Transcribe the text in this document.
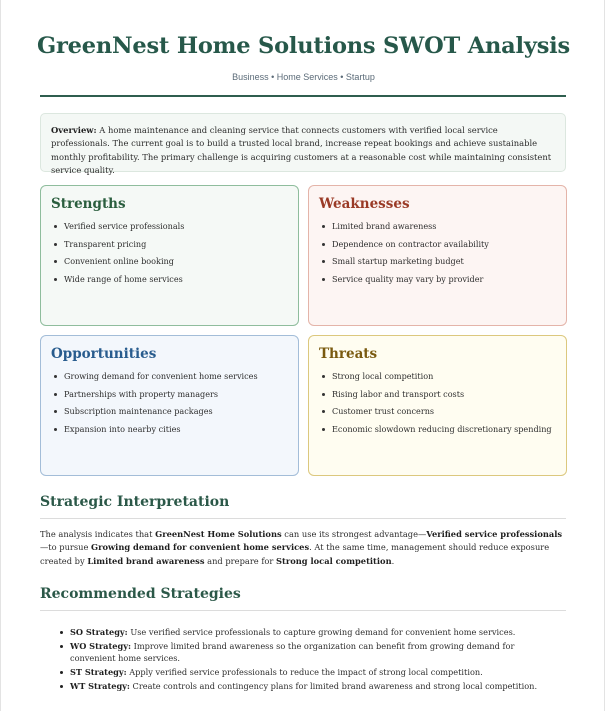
GreenNest Home Solutions SWOT Analysis
Business • Home Services • Startup
Overview: A home maintenance and cleaning service that connects customers with verified local service professionals. The current goal is to build a trusted local brand, increase repeat bookings and achieve sustainable monthly profitability. The primary challenge is acquiring customers at a reasonable cost while maintaining consistent service quality.
Strengths
Verified service professionals
Transparent pricing
Convenient online booking
Wide range of home services
Weaknesses
Limited brand awareness
Dependence on contractor availability
Small startup marketing budget
Service quality may vary by provider
Opportunities
Growing demand for convenient home services
Partnerships with property managers
Subscription maintenance packages
Expansion into nearby cities
Threats
Strong local competition
Rising labor and transport costs
Customer trust concerns
Economic slowdown reducing discretionary spending
Strategic Interpretation

The analysis indicates that GreenNest Home Solutions can use its strongest advantage—Verified service professionals—to pursue Growing demand for convenient home services. At the same time, management should reduce exposure created by Limited brand awareness and prepare for Strong local competition.

Recommended Strategies
SO Strategy: Use verified service professionals to capture growing demand for convenient home services.
WO Strategy: Improve limited brand awareness so the organization can benefit from growing demand for convenient home services.
ST Strategy: Apply verified service professionals to reduce the impact of strong local competition.
WT Strategy: Create controls and contingency plans for limited brand awareness and strong local competition.
